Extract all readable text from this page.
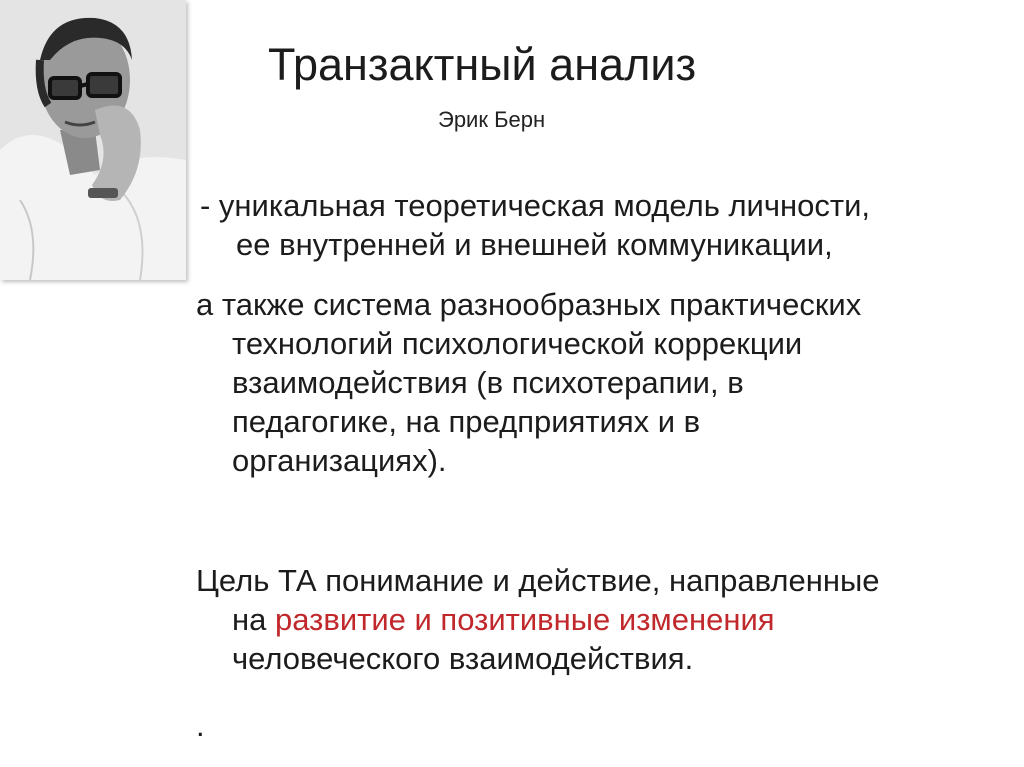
Транзактный анализ
Эрик Берн

- уникальная теоретическая модель личности,
ее внутренней и внешней коммуникации,

а также система разнообразных практических
технологий психологической коррекции
взаимодействия (в психотерапии, в
педагогике, на предприятиях и в
организациях).

Цель ТА понимание и действие, направленные
на развитие и позитивные изменения
человеческого взаимодействия.

.
